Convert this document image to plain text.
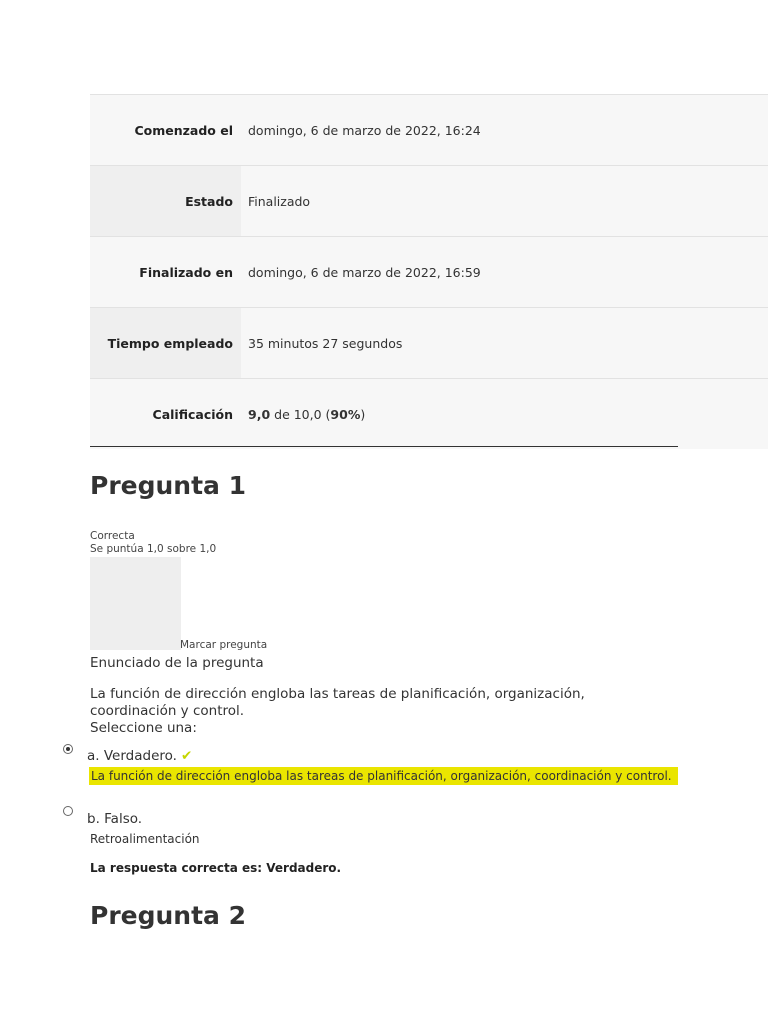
Comenzado el	domingo, 6 de marzo de 2022, 16:24
Estado	Finalizado
Finalizado en	domingo, 6 de marzo de 2022, 16:59
Tiempo empleado	35 minutos 27 segundos
Calificación	9,0 de 10,0 ( 90% )
Pregunta 1
Correcta
Se puntúa 1,0 sobre 1,0
Marcar pregunta
Enunciado de la pregunta
La función de dirección engloba las tareas de planificación, organización, coordinación y control.
Seleccione una:
a. Verdadero. ✔
La función de dirección engloba las tareas de planificación, organización, coordinación y control.
b. Falso.
Retroalimentación
La respuesta correcta es: Verdadero.
Pregunta 2
